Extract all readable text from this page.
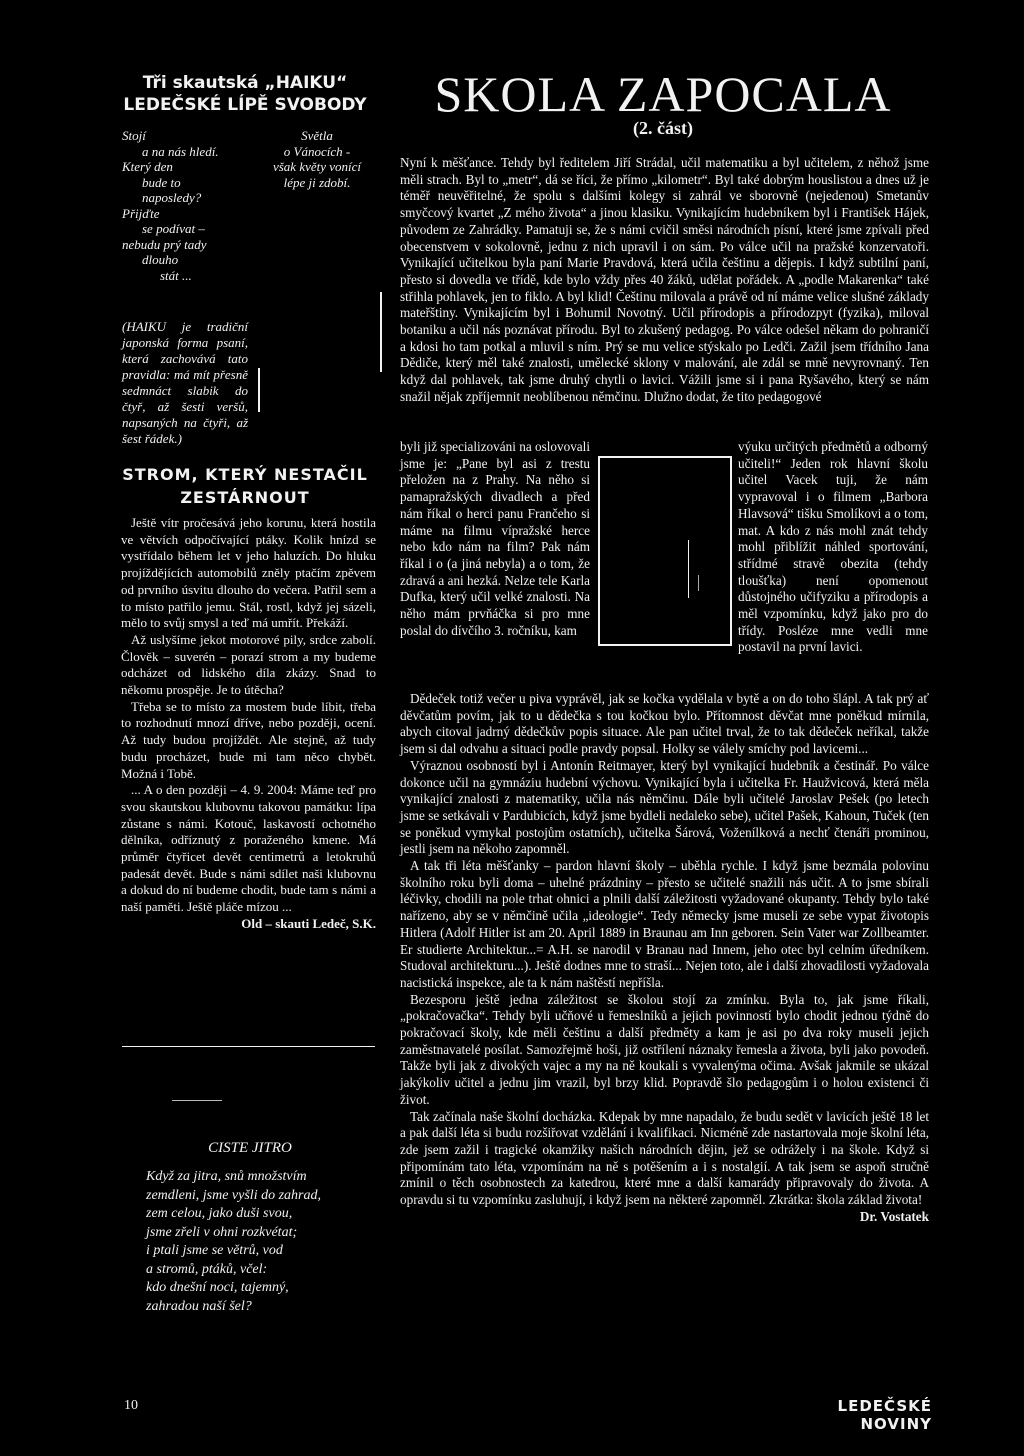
Tři skautská „HAIKU“ LEDEČSKÉ LÍPĚ SVOBODY
Stojí
a na nás hledí.
Který den
bude to
naposledy?
Přijďte
se podívat –
nebudu prý tady
dlouho
stát ...
Světla
o Vánocích -
však květy vonící
lépe ji zdobí.
(HAIKU je tradiční japonská forma psaní, která zachovává tato pravidla: má mít přesně sedmnáct slabik do čtyř, až šesti veršů, napsaných na čtyři, až šest řádek.)
STROM, KTERÝ NESTAČIL ZESTÁRNOUT

Ještě vítr pročesává jeho korunu, která hostila ve větvích odpočívající ptáky. Kolik hnízd se vystřídalo během let v jeho haluzích. Do hluku projíždějících automobilů zněly ptačím zpěvem od prvního úsvitu dlouho do večera. Patřil sem a to místo patřilo jemu. Stál, rostl, když jej sázeli, mělo to svůj smysl a teď má umřít. Překáží.

Až uslyšíme jekot motorové pily, srdce zabolí. Člověk – suverén – porazí strom a my budeme odcházet od lidského díla zkázy. Snad to někomu prospěje. Je to útěcha?

Třeba se to místo za mostem bude líbit, třeba to rozhodnutí mnozí dříve, nebo později, ocení. Až tudy budou projíždět. Ale stejně, až tudy budu procházet, bude mi tam něco chybět. Možná i Tobě.

... A o den později – 4. 9. 2004: Máme teď pro svou skautskou klubovnu takovou památku: lípa zůstane s námi. Kotouč, laskavostí ochotného dělníka, odříznutý z poraženého kmene. Má průměr čtyřicet devět centimetrů a letokruhů padesát devět. Bude s námi sdílet naši klubovnu a dokud do ní budeme chodit, bude tam s námi a naší paměti. Ještě pláče mízou ...

Old – skauti Ledeč, S.K.
CISTE JITRO
Když za jitra, snů množstvím
zemdleni, jsme vyšli do zahrad,
zem celou, jako duši svou,
jsme zřeli v ohni rozkvétat;
i ptali jsme se větrů, vod
a stromů, ptáků, včel:
kdo dnešní noci, tajemný,
zahradou naší šel?
SKOLA ZAPOCALA
(2. část)
Nyní k měšťance. Tehdy byl ředitelem Jiří Strádal, učil matematiku a byl učitelem, z něhož jsme měli strach. Byl to „metr“, dá se říci, že přímo „kilometr“. Byl také dobrým houslistou a dnes už je téměř neuvěřitelné, že spolu s dalšími kolegy si zahrál ve sborovně (nejedenou) Smetanův smyčcový kvartet „Z mého života“ a jinou klasiku. Vynikajícím hudebníkem byl i František Hájek, původem ze Zahrádky. Pamatuji se, že s námi cvičil směsi národních písní, které jsme zpívali před obecenstvem v sokolovně, jednu z nich upravil i on sám. Po válce učil na pražské konzervatoři. Vynikající učitelkou byla paní Marie Pravdová, která učila češtinu a dějepis. I když subtilní paní, přesto si dovedla ve třídě, kde bylo vždy přes 40 žáků, udělat pořádek. A „podle Makarenka“ také střihla pohlavek, jen to fiklo. A byl klid! Češtinu milovala a právě od ní máme velice slušné základy mateřštiny. Vynikajícím byl i Bohumil Novotný. Učil přírodopis a přírodozpyt (fyzika), miloval botaniku a učil nás poznávat přírodu. Byl to zkušený pedagog. Po válce odešel někam do pohraničí a kdosi ho tam potkal a mluvil s ním. Prý se mu velice stýskalo po Ledči. Zažil jsem třídního Jana Dědiče, který měl také znalosti, umělecké sklony v malování, ale zdál se mně nevyrovnaný. Ten když dal pohlavek, tak jsme druhý chytli o lavici. Vážili jsme si i pana Ryšavého, který se nám snažil nějak zpříjemnit neoblíbenou němčinu. Dlužno dodat, že tito pedagogové
byli již specializováni na oslovovali jsme je: „Pane byl asi z trestu přeložen na z Prahy. Na něho si pamapražských divadlech a před nám říkal o herci panu Frančeho si máme na filmu vípražské herce nebo kdo nám na film? Pak nám říkal i o (a jiná nebyla) a o tom, že zdravá a ani hezká. Nelze tele Karla Dufka, který učil velké znalosti. Na něho mám prvňáčka si pro mne poslal do dívčího 3. ročníku, kam
výuku určitých předmětů a odborný učiteli!“ Jeden rok hlavní školu učitel Vacek tuji, že nám vypravoval i o filmem „Barbora Hlavsová“ tišku Smolíkovi a o tom, mat. A kdo z nás mohl znát tehdy mohl přiblížit náhled sportování, střídmé stravě obezita (tehdy tloušťka) není opomenout důstojného učifyziku a přírodopis a měl vzpomínku, když jako pro do třídy. Posléze mne vedli mne postavil na první lavici.

Dědeček totiž večer u piva vyprávěl, jak se kočka vydělala v bytě a on do toho šlápl. A tak prý ať děvčatům povím, jak to u dědečka s tou kočkou bylo. Přítomnost děvčat mne poněkud mírnila, abych citoval jadrný dědečkův popis situace. Ale pan učitel trval, že to tak dědeček neříkal, takže jsem si dal odvahu a situaci podle pravdy popsal. Holky se válely smíchy pod lavicemi...

Výraznou osobností byl i Antonín Reitmayer, který byl vynikající hudebník a čestinář. Po válce dokonce učil na gymnáziu hudební výchovu. Vynikající byla i učitelka Fr. Haužvicová, která měla vynikající znalosti z matematiky, učila nás němčinu. Dále byli učitelé Jaroslav Pešek (po letech jsme se setkávali v Pardubicích, když jsme bydleli nedaleko sebe), učitel Pašek, Kahoun, Tuček (ten se poněkud vymykal postojům ostatních), učitelka Šárová, Voženílková a nechť čtenáři prominou, jestli jsem na někoho zapomněl.

A tak tři léta měšťanky – pardon hlavní školy – uběhla rychle. I když jsme bezmála polovinu školního roku byli doma – uhelné prázdniny – přesto se učitelé snažili nás učit. A to jsme sbírali léčivky, chodili na pole trhat ohnici a plnili další záležitosti vyžadované okupanty. Tehdy bylo také nařízeno, aby se v němčině učila „ideologie“. Tedy německy jsme museli ze sebe vypat životopis Hitlera (Adolf Hitler ist am 20. April 1889 in Braunau am Inn geboren. Sein Vater war Zollbeamter. Er studierte Architektur...= A.H. se narodil v Branau nad Innem, jeho otec byl celním úředníkem. Studoval architekturu...). Ještě dodnes mne to straší... Nejen toto, ale i další zhovadilosti vyžadovala nacistická inspekce, ale ta k nám naštěstí nepříšla.

Bezesporu ještě jedna záležitost se školou stojí za zmínku. Byla to, jak jsme říkali, „pokračovačka“. Tehdy byli učňové u řemeslníků a jejich povinností bylo chodit jednou týdně do pokračovací školy, kde měli češtinu a další předměty a kam je asi po dva roky museli jejich zaměstnavatelé posílat. Samozřejmě hoši, již ostřílení náznaky řemesla a života, byli jako povodeň. Takže byli jak z divokých vajec a my na ně koukali s vyvalenýma očima. Avšak jakmile se ukázal jakýkoliv učitel a jednu jim vrazil, byl brzy klid. Popravdě šlo pedagogům i o holou existenci či život.

Tak začínala naše školní docházka. Kdepak by mne napadalo, že budu sedět v lavicích ještě 18 let a pak další léta si budu rozšiřovat vzdělání i kvalifikaci. Nicméně zde nastartovala moje školní léta, zde jsem zažil i tragické okamžiky našich národních dějin, jež se odrážely i na škole. Když si připomínám tato léta, vzpomínám na ně s potěšením a i s nostalgií. A tak jsem se aspoň stručně zmínil o těch osobnostech za katedrou, které mne a další kamarády připravovaly do života. A opravdu si tu vzpomínku zasluhují, i když jsem na některé zapomněl. Zkrátka: škola základ života!

Dr. Vostatek
10	LEDEČSKÉ NOVINY
